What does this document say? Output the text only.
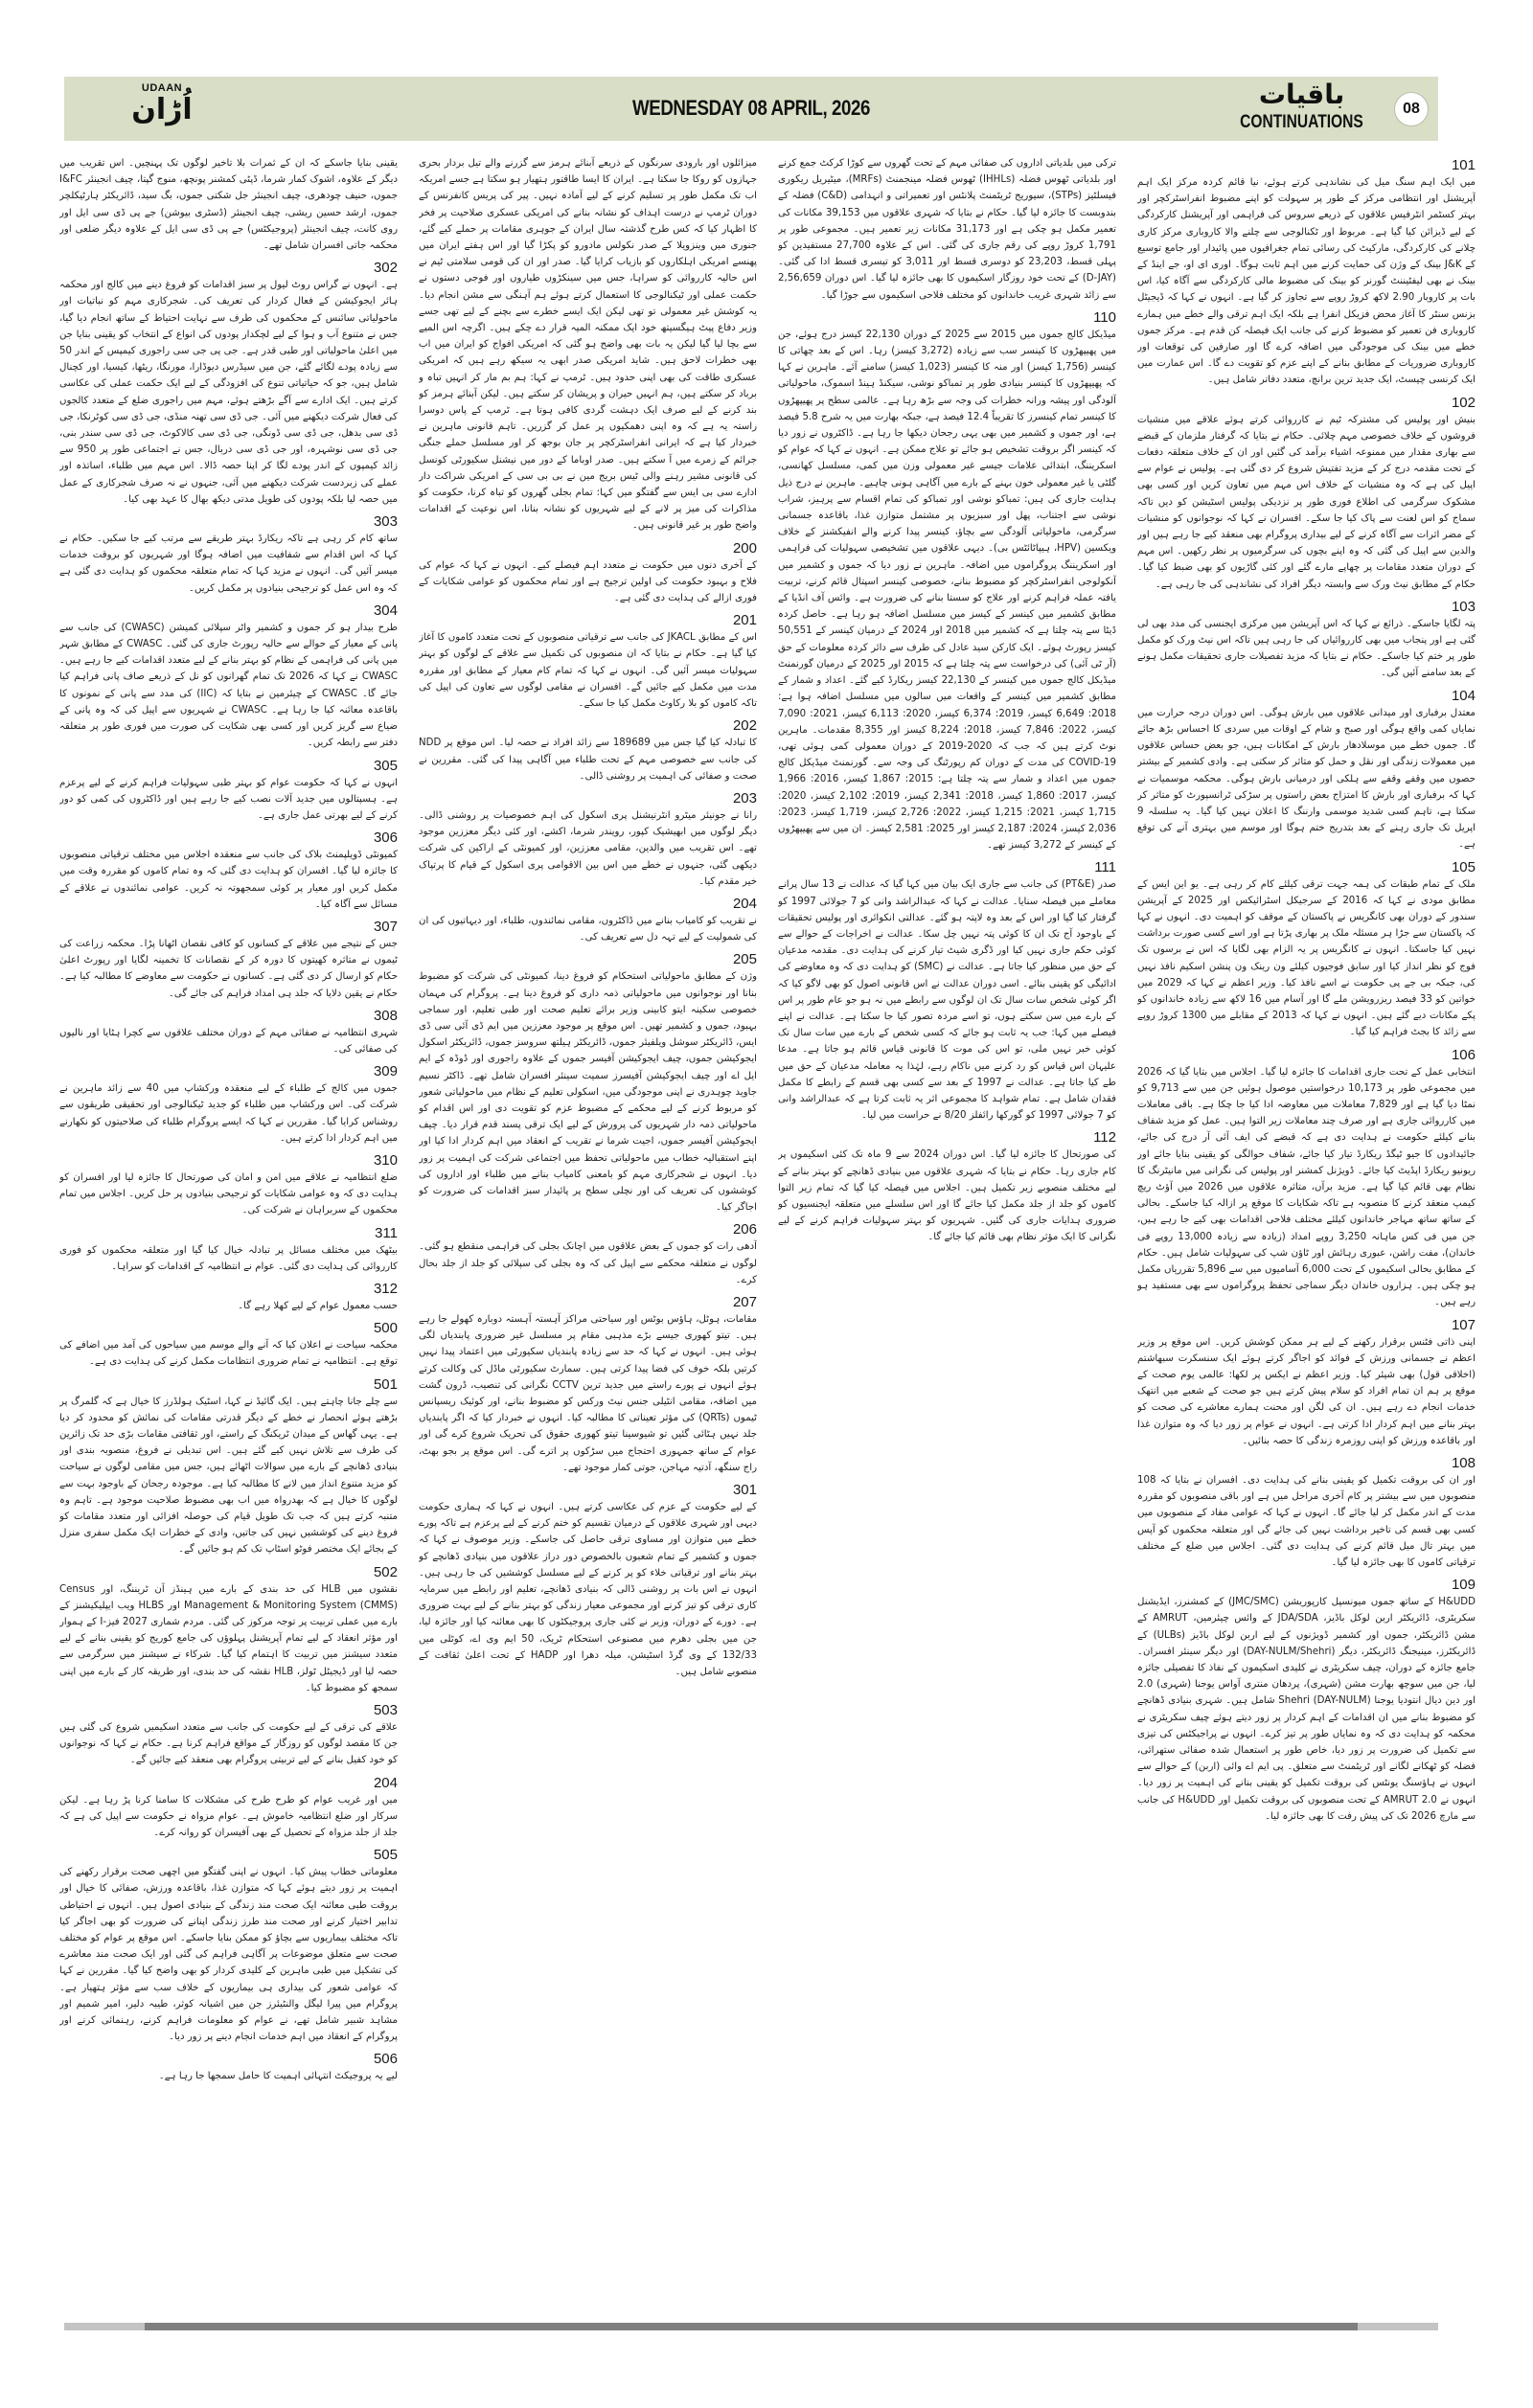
UDAAN
اُڑان	WEDNESDAY 08 APRIL, 2026	باقیات
CONTINUATIONS
08
101
میں ایک اہم سنگ میل کی نشاندہی کرتے ہوئے، نیا قائم کردہ مرکز ایک اہم آپریشنل اور انتظامی مرکز کے طور پر سہولت کو اپنے مضبوط انفراسٹرکچر اور بہتر کسٹمر انٹرفیس علاقوں کے ذریعے سروس کی فراہمی اور آپریشنل کارکردگی کے لیے ڈیزائن کیا گیا ہے۔ مربوط اور ٹکنالوجی سے چلنے والا کاروباری مرکز کاری چلانے کی کارکردگی، مارکیٹ کی رسائی تمام جغرافیوں میں پائیدار اور جامع توسیع کے J&K بینک کے وژن کی حمایت کرنے میں اہم ثابت ہوگا۔ اوری ای او، جے اینڈ کے بینک نے بھی لیفٹیننٹ گورنر کو بینک کی مضبوط مالی کارکردگی سے آگاہ کیا، اس بات پر کاروبار 2.90 لاکھ کروڑ روپے سے تجاوز کر گیا ہے۔ انہوں نے کہا کہ ڈیجیٹل بزنس سنٹر کا آغاز محض فزیکل انفرا ہے بلکہ ایک اہم ترقی والے خطے میں ہمارے کاروباری فن تعمیر کو مضبوط کرنے کی جانب ایک فیصلہ کن قدم ہے۔ مرکز جموں خطے میں بینک کی موجودگی میں اضافہ کرے گا اور صارفین کی توقعات اور کاروباری ضروریات کے مطابق بنانے کے اپنے عزم کو تقویت دے گا۔ اس عمارت میں ایک کرنسی چیسٹ، ایک جدید ترین برانچ، متعدد دفاتر شامل ہیں۔
102
بنیش اور پولیس کی مشترکہ ٹیم نے کارروائی کرتے ہوئے علاقے میں منشیات فروشوں کے خلاف خصوصی مہم چلائی۔ حکام نے بتایا کہ گرفتار ملزمان کے قبضے سے بھاری مقدار میں ممنوعہ اشیاء برآمد کی گئیں اور ان کے خلاف متعلقہ دفعات کے تحت مقدمہ درج کر کے مزید تفتیش شروع کر دی گئی ہے۔ پولیس نے عوام سے اپیل کی ہے کہ وہ منشیات کے خلاف اس مہم میں تعاون کریں اور کسی بھی مشکوک سرگرمی کی اطلاع فوری طور پر نزدیکی پولیس اسٹیشن کو دیں تاکہ سماج کو اس لعنت سے پاک کیا جا سکے۔ افسران نے کہا کہ نوجوانوں کو منشیات کے مضر اثرات سے آگاہ کرنے کے لیے بیداری پروگرام بھی منعقد کیے جا رہے ہیں اور والدین سے اپیل کی گئی کہ وہ اپنے بچوں کی سرگرمیوں پر نظر رکھیں۔ اس مہم کے دوران متعدد مقامات پر چھاپے مارے گئے اور کئی گاڑیوں کو بھی ضبط کیا گیا۔ حکام کے مطابق نیٹ ورک سے وابستہ دیگر افراد کی نشاندہی کی جا رہی ہے۔
103
پتہ لگایا جاسکے۔ ذرائع نے کہا کہ اس آپریشن میں مرکزی ایجنسی کی مدد بھی لی گئی ہے اور پنجاب میں بھی کارروائیاں کی جا رہی ہیں تاکہ اس نیٹ ورک کو مکمل طور پر ختم کیا جاسکے۔ حکام نے بتایا کہ مزید تفصیلات جاری تحقیقات مکمل ہونے کے بعد سامنے آئیں گی۔
104
معتدل برفباری اور میدانی علاقوں میں بارش ہوگی۔ اس دوران درجہ حرارت میں نمایاں کمی واقع ہوگی اور صبح و شام کے اوقات میں سردی کا احساس بڑھ جائے گا۔ جموں خطے میں موسلادھار بارش کے امکانات ہیں، جو بعض حساس علاقوں میں معمولات زندگی اور نقل و حمل کو متاثر کر سکتی ہے۔ وادی کشمیر کے بیشتر حصوں میں وقفے وقفے سے ہلکی اور درمیانی بارش ہوگی۔ محکمہ موسمیات نے کہا کہ برفباری اور بارش کا امتزاج بعض راستوں پر سڑکی ٹرانسپورٹ کو متاثر کر سکتا ہے، تاہم کسی شدید موسمی وارننگ کا اعلان نہیں کیا گیا۔ یہ سلسلہ 9 اپریل تک جاری رہنے کے بعد بتدریج ختم ہوگا اور موسم میں بہتری آنے کی توقع ہے۔
105
ملک کے تمام طبقات کی ہمہ جہت ترقی کیلئے کام کر رہی ہے۔ یو این ایس کے مطابق مودی نے کہا کہ 2016 کے سرجیکل اسٹرائیکس اور 2025 کے آپریشن سندور کے دوران بھی کانگریس نے پاکستان کے موقف کو اہمیت دی۔ انہوں نے کہا کہ پاکستان سے جڑا ہر مسئلہ ملک پر بھاری پڑتا ہے اور اسے کسی صورت برداشت نہیں کیا جاسکتا۔ انہوں نے کانگریس پر یہ الزام بھی لگایا کہ اس نے برسوں تک فوج کو نظر انداز کیا اور سابق فوجیوں کیلئے ون رینک ون پنشن اسکیم نافذ نہیں کی، جبکہ بی جے پی حکومت نے اسے نافذ کیا۔ وزیر اعظم نے کہا کہ 2029 میں خواتین کو 33 فیصد ریزرویشن ملے گا اور آسام میں 16 لاکھ سے زیادہ خاندانوں کو پکے مکانات دیے گئے ہیں۔ انہوں نے کہا کہ 2013 کے مقابلے میں 1300 کروڑ روپے سے زائد کا بجٹ فراہم کیا گیا۔
106
انتخابی عمل کے تحت جاری اقدامات کا جائزہ لیا گیا۔ اجلاس میں بتایا گیا کہ 2026 میں مجموعی طور پر 10,173 درخواستیں موصول ہوئیں جن میں سے 9,713 کو نمٹا دیا گیا ہے اور 7,829 معاملات میں معاوضہ ادا کیا جا چکا ہے۔ باقی معاملات میں کارروائی جاری ہے اور صرف چند معاملات زیر التوا ہیں۔ عمل کو مزید شفاف بنانے کیلئے حکومت نے ہدایت دی ہے کہ قبضے کی ایف آئی آر درج کی جائے، جائیدادوں کا جیو ٹیگڈ ریکارڈ تیار کیا جائے، شفاف حوالگی کو یقینی بنایا جائے اور ریونیو ریکارڈ اپڈیٹ کیا جائے۔ ڈویژنل کمشنر اور پولیس کی نگرانی میں مانیٹرنگ کا نظام بھی قائم کیا گیا ہے۔ مزید برآں، متاثرہ علاقوں میں 2026 میں آؤٹ ریچ کیمپ منعقد کرنے کا منصوبہ ہے تاکہ شکایات کا موقع پر ازالہ کیا جاسکے۔ بحالی کے ساتھ ساتھ مہاجر خاندانوں کیلئے مختلف فلاحی اقدامات بھی کیے جا رہے ہیں، جن میں فی کس ماہانہ 3,250 روپے امداد (زیادہ سے زیادہ 13,000 روپے فی خاندان)، مفت راشن، عبوری رہائش اور ٹاؤن شپ کی سہولیات شامل ہیں۔ حکام کے مطابق بحالی اسکیموں کے تحت 6,000 آسامیوں میں سے 5,896 تقرریاں مکمل ہو چکی ہیں۔ ہزاروں خاندان دیگر سماجی تحفظ پروگراموں سے بھی مستفید ہو رہے ہیں۔
107
اپنی ذاتی فٹنس برقرار رکھنے کے لیے ہر ممکن کوشش کریں۔ اس موقع پر وزیر اعظم نے جسمانی ورزش کے فوائد کو اجاگر کرتے ہوئے ایک سنسکرت سبھاشتم (اخلاقی قول) بھی شیئر کیا۔ وزیر اعظم نے ایکس پر لکھا: عالمی یوم صحت کے موقع پر ہم ان تمام افراد کو سلام پیش کرتے ہیں جو صحت کے شعبے میں انتھک خدمات انجام دے رہے ہیں۔ ان کی لگن اور محنت ہمارے معاشرے کی صحت کو بہتر بنانے میں اہم کردار ادا کرتی ہے۔ انہوں نے عوام پر زور دیا کہ وہ متوازن غذا اور باقاعدہ ورزش کو اپنی روزمرہ زندگی کا حصہ بنائیں۔
108
اور ان کی بروقت تکمیل کو یقینی بنانے کی ہدایت دی۔ افسران نے بتایا کہ 108 منصوبوں میں سے بیشتر پر کام آخری مراحل میں ہے اور باقی منصوبوں کو مقررہ مدت کے اندر مکمل کر لیا جائے گا۔ انہوں نے کہا کہ عوامی مفاد کے منصوبوں میں کسی بھی قسم کی تاخیر برداشت نہیں کی جائے گی اور متعلقہ محکموں کو آپس میں بہتر تال میل قائم کرنے کی ہدایت دی گئی۔ اجلاس میں ضلع کے مختلف ترقیاتی کاموں کا بھی جائزہ لیا گیا۔
109
H&UDD کے ساتھ جموں میونسپل کارپوریشن (JMC/SMC) کے کمشنرز، ایڈیشنل سکریٹری، ڈائریکٹر اربن لوکل باڈیز، JDA/SDA کے وائس چیئرمین، AMRUT کے مشن ڈائریکٹر، جموں اور کشمیر ڈویژنوں کے لیے اربن لوکل باڈیز (ULBs) کے ڈائریکٹرز، مینیجنگ ڈائریکٹر، دیگر (DAY-NULM/Shehri) اور دیگر سینئر افسران۔ جامع جائزہ کے دوران، چیف سکریٹری نے کلیدی اسکیموں کے نفاذ کا تفصیلی جائزہ لیا، جن میں سوچھ بھارت مشن (شہری)، پردھان منتری آواس یوجنا (شہری) 2.0 اور دین دیال انتودیا یوجنا Shehri (DAY-NULM) شامل ہیں۔ شہری بنیادی ڈھانچے کو مضبوط بنانے میں ان اقدامات کے اہم کردار پر زور دیتے ہوئے چیف سکریٹری نے محکمہ کو ہدایت دی کہ وہ نمایاں طور پر تیز کرے۔ انہوں نے پراجیکٹس کی تیزی سے تکمیل کی ضرورت پر زور دیا، خاص طور پر استعمال شدہ صفائی ستھرائی، فضلہ کو ٹھکانے لگانے اور ٹریٹمنٹ سے متعلق۔ پی ایم اے وائی (اربن) کے حوالے سے انہوں نے ہاؤسنگ یونٹس کی بروقت تکمیل کو یقینی بنانے کی اہمیت پر زور دیا۔ انہوں نے AMRUT 2.0 کے تحت منصوبوں کی بروقت تکمیل اور H&UDD کی جانب سے مارچ 2026 تک کی پیش رفت کا بھی جائزہ لیا۔
ترکی میں بلدیاتی اداروں کی صفائی مہم کے تحت گھروں سے کوڑا کرکٹ جمع کرنے اور بلدیاتی ٹھوس فضلہ (IHHLs) ٹھوس فضلہ مینجمنٹ (MRFs)، میٹیریل ریکوری فیسلٹیز (STPs)، سیوریج ٹریٹمنٹ پلانٹس اور تعمیراتی و انہدامی (C&D) فضلہ کے بندوبست کا جائزہ لیا گیا۔ حکام نے بتایا کہ شہری علاقوں میں 39,153 مکانات کی تعمیر مکمل ہو چکی ہے اور 31,173 مکانات زیر تعمیر ہیں۔ مجموعی طور پر 1,791 کروڑ روپے کی رقم جاری کی گئی۔ اس کے علاوہ 27,700 مستفیدین کو پہلی قسط، 23,203 کو دوسری قسط اور 3,011 کو تیسری قسط ادا کی گئی۔ (D-JAY) کے تحت خود روزگار اسکیموں کا بھی جائزہ لیا گیا۔ اس دوران 2,56,659 سے زائد شہری غریب خاندانوں کو مختلف فلاحی اسکیموں سے جوڑا گیا۔
110
میڈیکل کالج جموں میں 2015 سے 2025 کے دوران 22,130 کیسز درج ہوئے، جن میں پھیپھڑوں کا کینسر سب سے زیادہ (3,272 کیسز) رہا۔ اس کے بعد چھاتی کا کینسر (1,756 کیسز) اور منہ کا کینسر (1,023 کیسز) سامنے آئے۔ ماہرین نے کہا کہ پھیپھڑوں کا کینسر بنیادی طور پر تمباکو نوشی، سیکنڈ ہینڈ اسموک، ماحولیاتی آلودگی اور پیشہ ورانہ خطرات کی وجہ سے بڑھ رہا ہے۔ عالمی سطح پر پھیپھڑوں کا کینسر تمام کینسرز کا تقریباً 12.4 فیصد ہے، جبکہ بھارت میں یہ شرح 5.8 فیصد ہے، اور جموں و کشمیر میں بھی یہی رجحان دیکھا جا رہا ہے۔ ڈاکٹروں نے زور دیا کہ کینسر اگر بروقت تشخیص ہو جائے تو علاج ممکن ہے۔ انہوں نے کہا کہ عوام کو اسکریننگ، ابتدائی علامات جیسے غیر معمولی وزن میں کمی، مسلسل کھانسی، گلٹی یا غیر معمولی خون بہنے کے بارے میں آگاہی ہونی چاہیے۔ ماہرین نے درج ذیل ہدایت جاری کی ہیں: تمباکو نوشی اور تمباکو کی تمام اقسام سے پرہیز، شراب نوشی سے اجتناب، پھل اور سبزیوں پر مشتمل متوازن غذا، باقاعدہ جسمانی سرگرمی، ماحولیاتی آلودگی سے بچاؤ، کینسر پیدا کرنے والے انفیکشنز کے خلاف ویکسین (HPV، ہیپاٹائٹس بی)۔ دیہی علاقوں میں تشخیصی سہولیات کی فراہمی اور اسکریننگ پروگراموں میں اضافہ۔ ماہرین نے زور دیا کہ جموں و کشمیر میں آنکولوجی انفراسٹرکچر کو مضبوط بنانے، خصوصی کینسر اسپتال قائم کرنے، تربیت یافتہ عملہ فراہم کرنے اور علاج کو سستا بنانے کی ضرورت ہے۔ وائس آف انڈیا کے مطابق کشمیر میں کینسر کے کیسز میں مسلسل اضافہ ہو رہا ہے۔ حاصل کردہ ڈیٹا سے پتہ چلتا ہے کہ کشمیر میں 2018 اور 2024 کے درمیان کینسر کے 50,551 کیسز رپورٹ ہوئے۔ ایک کارکن سید عادل کی طرف سے دائر کردہ معلومات کے حق (آر ٹی آئی) کی درخواست سے پتہ چلتا ہے کہ 2015 اور 2025 کے درمیان گورنمنٹ میڈیکل کالج جموں میں کینسر کے 22,130 کیسز ریکارڈ کیے گئے۔ اعداد و شمار کے مطابق کشمیر میں کینسر کے واقعات میں سالوں میں مسلسل اضافہ ہوا ہے: 2018: 6,649 کیسز، 2019: 6,374 کیسز، 2020: 6,113 کیسز، 2021: 7,090 کیسز، 2022: 7,846 کیسز، 2018: 8,224 کیسز اور 8,355 مقدمات۔ ماہرین نوٹ کرتے ہیں کہ جب کہ 2020-2019 کے دوران معمولی کمی ہوئی تھی، COVID-19 کی مدت کے دوران کم رپورٹنگ کی وجہ سے۔ گورنمنٹ میڈیکل کالج جموں میں اعداد و شمار سے پتہ چلتا ہے: 2015: 1,867 کیسز، 2016: 1,966 کیسز، 2017: 1,860 کیسز، 2018: 2,341 کیسز، 2019: 2,102 کیسز، 2020: 1,715 کیسز، 2021: 1,215 کیسز، 2022: 2,726 کیسز، 1,719 کیسز، 2023: 2,036 کیسز، 2024: 2,187 کیسز اور 2025: 2,581 کیسز۔ ان میں سے پھیپھڑوں کے کینسر کے 3,272 کیسز تھے۔
111
صدر (PT&E) کی جانب سے جاری ایک بیان میں کہا گیا کہ عدالت نے 13 سال پرانے معاملے میں فیصلہ سنایا۔ عدالت نے کہا کہ عبدالراشد وانی کو 7 جولائی 1997 کو گرفتار کیا گیا اور اس کے بعد وہ لاپتہ ہو گئے۔ عدالتی انکوائری اور پولیس تحقیقات کے باوجود آج تک ان کا کوئی پتہ نہیں چل سکا۔ عدالت نے اخراجات کے حوالے سے کوئی حکم جاری نہیں کیا اور ڈگری شیٹ تیار کرنے کی ہدایت دی۔ مقدمہ مدعیان کے حق میں منظور کیا جاتا ہے۔ عدالت نے (SMC) کو ہدایت دی کہ وہ معاوضے کی ادائیگی کو یقینی بنائے۔ اسی دوران عدالت نے اس قانونی اصول کو بھی لاگو کیا کہ اگر کوئی شخص سات سال تک ان لوگوں سے رابطے میں نہ ہو جو عام طور پر اس کے بارے میں سن سکتے ہوں، تو اسے مردہ تصور کیا جا سکتا ہے۔ عدالت نے اپنے فیصلے میں کہا: جب یہ ثابت ہو جائے کہ کسی شخص کے بارے میں سات سال تک کوئی خبر نہیں ملی، تو اس کی موت کا قانونی قیاس قائم ہو جاتا ہے۔ مدعا علیہان اس قیاس کو رد کرنے میں ناکام رہے، لہٰذا یہ معاملہ مدعیان کے حق میں طے کیا جاتا ہے۔ عدالت نے 1997 کے بعد سے کسی بھی قسم کے رابطے کا مکمل فقدان شامل ہے۔ تمام شواہد کا مجموعی اثر یہ ثابت کرتا ہے کہ عبدالراشد وانی کو 7 جولائی 1997 کو گورکھا رائفلز 8/20 نے حراست میں لیا۔
112
کی صورتحال کا جائزہ لیا گیا۔ اس دوران 2024 سے 9 ماہ تک کئی اسکیموں پر کام جاری رہا۔ حکام نے بتایا کہ شہری علاقوں میں بنیادی ڈھانچے کو بہتر بنانے کے لیے مختلف منصوبے زیر تکمیل ہیں۔ اجلاس میں فیصلہ کیا گیا کہ تمام زیر التوا کاموں کو جلد از جلد مکمل کیا جائے گا اور اس سلسلے میں متعلقہ ایجنسیوں کو ضروری ہدایات جاری کی گئیں۔ شہریوں کو بہتر سہولیات فراہم کرنے کے لیے نگرانی کا ایک مؤثر نظام بھی قائم کیا جائے گا۔
میزائلوں اور بارودی سرنگوں کے ذریعے آبنائے ہرمز سے گزرنے والے تیل بردار بحری جہازوں کو روکا جا سکتا ہے۔ ایران کا ایسا طاقتور ہتھیار ہو سکتا ہے جسے امریکہ اب تک مکمل طور پر تسلیم کرنے کے لیے آمادہ نہیں۔ پیر کی پریس کانفرنس کے دوران ٹرمپ نے درست اہداف کو نشانہ بنانے کی امریکی عسکری صلاحیت پر فخر کا اظہار کیا کہ کس طرح گذشتہ سال ایران کے جوہری مقامات پر حملے کیے گئے، جنوری میں وینزویلا کے صدر نکولس مادورو کو پکڑا گیا اور اس ہفتے ایران میں پھنسے امریکی اہلکاروں کو بازیاب کرایا گیا۔ صدر اور ان کی قومی سلامتی ٹیم نے اس حالیہ کارروائی کو سراہا، جس میں سینکڑوں طیاروں اور فوجی دستوں نے حکمت عملی اور ٹیکنالوجی کا استعمال کرتے ہوئے ہم آہنگی سے مشن انجام دیا۔ یہ کوشش غیر معمولی تو تھی لیکن ایک ایسے خطرے سے بچنے کے لیے تھی جسے وزیر دفاع پیٹ ہیگسیتھ خود ایک ممکنہ المیہ قرار دے چکے ہیں۔ اگرچہ اس المیے سے بچا لیا گیا لیکن یہ بات بھی واضح ہو گئی کہ امریکی افواج کو ایران میں اب بھی خطرات لاحق ہیں۔ شاید امریکی صدر ابھی یہ سیکھ رہے ہیں کہ امریکی عسکری طاقت کی بھی اپنی حدود ہیں۔ ٹرمپ نے کہا: ہم بم مار کر انہیں تباہ و برباد کر سکتے ہیں، ہم انہیں حیران و پریشان کر سکتے ہیں۔ لیکن آبنائے ہرمز کو بند کرنے کے لیے صرف ایک دہشت گردی کافی ہوتا ہے۔ ٹرمپ کے پاس دوسرا راستہ یہ ہے کہ وہ اپنی دھمکیوں پر عمل کر گزریں۔ تاہم قانونی ماہرین نے خبردار کیا ہے کہ ایرانی انفراسٹرکچر پر جان بوجھ کر اور مسلسل حملے جنگی جرائم کے زمرے میں آ سکتے ہیں۔ صدر اوباما کے دور میں نیشنل سکیورٹی کونسل کی قانونی مشیر رہنے والی ٹیس بریج مین نے بی بی سی کے امریکی شراکت دار ادارے سی بی ایس سے گفتگو میں کہا: تمام بجلی گھروں کو تباہ کرنا، حکومت کو مذاکرات کی میز پر لانے کے لیے شہریوں کو نشانہ بنانا، اس نوعیت کے اقدامات واضح طور پر غیر قانونی ہیں۔
200
کے آخری دنوں میں حکومت نے متعدد اہم فیصلے کیے۔ انہوں نے کہا کہ عوام کی فلاح و بہبود حکومت کی اولین ترجیح ہے اور تمام محکموں کو عوامی شکایات کے فوری ازالے کی ہدایت دی گئی ہے۔
201
اس کے مطابق JKACL کی جانب سے ترقیاتی منصوبوں کے تحت متعدد کاموں کا آغاز کیا گیا ہے۔ حکام نے بتایا کہ ان منصوبوں کی تکمیل سے علاقے کے لوگوں کو بہتر سہولیات میسر آئیں گی۔ انہوں نے کہا کہ تمام کام معیار کے مطابق اور مقررہ مدت میں مکمل کیے جائیں گے۔ افسران نے مقامی لوگوں سے تعاون کی اپیل کی تاکہ کاموں کو بلا رکاوٹ مکمل کیا جا سکے۔
202
کا تبادلہ کیا گیا جس میں 189689 سے زائد افراد نے حصہ لیا۔ اس موقع پر NDD کی جانب سے خصوصی مہم کے تحت طلباء میں آگاہی پیدا کی گئی۔ مقررین نے صحت و صفائی کی اہمیت پر روشنی ڈالی۔
203
رانا نے جونیئر میٹرو انٹرنیشنل پری اسکول کی اہم خصوصیات پر روشنی ڈالی۔ دیگر لوگوں میں ابھیشیک کپور، رویندر شرما، اکشے، اور کئی دیگر معززین موجود تھے۔ اس تقریب میں والدین، مقامی معززین، اور کمیونٹی کے اراکین کی شرکت دیکھی گئی، جنہوں نے خطے میں اس بین الاقوامی پری اسکول کے قیام کا پرتپاک خیر مقدم کیا۔
204
نے تقریب کو کامیاب بنانے میں ڈاکٹروں، مقامی نمائندوں، طلباء، اور دیہاتیوں کی ان کی شمولیت کے لیے تہہ دل سے تعریف کی۔
205
وژن کے مطابق ماحولیاتی استحکام کو فروغ دینا، کمیونٹی کی شرکت کو مضبوط بنانا اور نوجوانوں میں ماحولیاتی ذمہ داری کو فروغ دینا ہے۔ پروگرام کی مہمان خصوصی سکینہ ایتو کابینی وزیر برائے تعلیم صحت اور طبی تعلیم، اور سماجی بہبود، جموں و کشمیر تھیں۔ اس موقع پر موجود معززین میں ایم ڈی آئی سی ڈی ایس، ڈائریکٹر سوشل ویلفیئر جموں، ڈائریکٹر ہیلتھ سروسز جموں، ڈائریکٹر اسکول ایجوکیشن جموں، چیف ایجوکیشن آفیسر جموں کے علاوہ راجوری اور ڈوڈہ کے ایم ایل اے اور چیف ایجوکیشن آفیسرز سمیت سینئر افسران شامل تھے۔ ڈاکٹر نسیم جاوید چوہدری نے اپنی موجودگی میں، اسکولی تعلیم کے نظام میں ماحولیاتی شعور کو مربوط کرنے کے لیے محکمے کے مضبوط عزم کو تقویت دی اور اس اقدام کو ماحولیاتی ذمہ دار شہریوں کی پرورش کے لیے ایک ترقی پسند قدم قرار دیا۔ چیف ایجوکیشن آفیسر جموں، اجیت شرما نے تقریب کے انعقاد میں اہم کردار ادا کیا اور اپنے استقبالیہ خطاب میں ماحولیاتی تحفظ میں اجتماعی شرکت کی اہمیت پر زور دیا۔ انہوں نے شجرکاری مہم کو بامعنی کامیاب بنانے میں طلباء اور اداروں کی کوششوں کی تعریف کی اور نچلی سطح پر پائیدار سبز اقدامات کی ضرورت کو اجاگر کیا۔
206
آدھی رات کو جموں کے بعض علاقوں میں اچانک بجلی کی فراہمی منقطع ہو گئی۔ لوگوں نے متعلقہ محکمے سے اپیل کی کہ وہ بجلی کی سپلائی کو جلد از جلد بحال کرے۔
207
مقامات، ہوٹل، ہاؤس بوٹس اور سیاحتی مراکز آہستہ آہستہ دوبارہ کھولے جا رہے ہیں۔ تیتو کھوری جیسے بڑے مذہبی مقام پر مسلسل غیر ضروری پابندیاں لگی ہوئی ہیں۔ انہوں نے کہا کہ حد سے زیادہ پابندیاں سکیورٹی میں اعتماد پیدا نہیں کرتیں بلکہ خوف کی فضا پیدا کرتی ہیں۔ سمارٹ سکیورٹی ماڈل کی وکالت کرتے ہوئے انہوں نے پورے راستے میں جدید ترین CCTV نگرانی کی تنصیب، ڈرون گشت میں اضافہ، مقامی انٹیلی جنس نیٹ ورکس کو مضبوط بنانے، اور کوئیک ریسپانس ٹیموں (QRTs) کی مؤثر تعیناتی کا مطالبہ کیا۔ انہوں نے خبردار کیا کہ اگر پابندیاں جلد نہیں ہٹائی گئیں تو شیوسینا تیتو کھوری حقوق کی تحریک شروع کرے گی اور عوام کے ساتھ جمہوری احتجاج میں سڑکوں پر اترے گی۔ اس موقع پر بجو بھٹ، راج سنگھ، آدتیہ مہاجن، جوتی کمار موجود تھے۔
301
کے لیے حکومت کے عزم کی عکاسی کرتے ہیں۔ انہوں نے کہا کہ ہماری حکومت دیہی اور شہری علاقوں کے درمیان تقسیم کو ختم کرنے کے لیے پرعزم ہے تاکہ پورے خطے میں متوازن اور مساوی ترقی حاصل کی جاسکے۔ وزیر موصوف نے کہا کہ جموں و کشمیر کے تمام شعبوں بالخصوص دور دراز علاقوں میں بنیادی ڈھانچے کو بہتر بنانے اور ترقیاتی خلاء کو پر کرنے کے لیے مسلسل کوششیں کی جا رہی ہیں۔ انہوں نے اس بات پر روشنی ڈالی کہ بنیادی ڈھانچے، تعلیم اور رابطے میں سرمایہ کاری ترقی کو تیز کرنے اور مجموعی معیار زندگی کو بہتر بنانے کے لیے بہت ضروری ہے۔ دورے کے دوران، وزیر نے کئی جاری پروجیکٹوں کا بھی معائنہ کیا اور جائزہ لیا، جن میں بجلی دھرم میں مصنوعی استحکام ٹریک، 50 ایم وی اے، کوٹلی میں 132/33 کے وی گرڈ اسٹیشن، میلہ دھرا اور HADP کے تحت اعلیٰ ثقافت کے منصوبے شامل ہیں۔
یقینی بنایا جاسکے کہ ان کے ثمرات بلا تاخیر لوگوں تک پہنچیں۔ اس تقریب میں دیگر کے علاوہ، اشوک کمار شرما، ڈپٹی کمشنر پونچھ، منوج گپتا، چیف انجینئر I&FC جموں، حنیف چودھری، چیف انجینئر جل شکتی جموں، بگ سید، ڈائریکٹر ہارٹیکلچر جموں، ارشد حسین ریشی، چیف انجینئر (ڈسٹری بیوشن) جے پی ڈی سی ایل اور روی کانت، چیف انجینئر (پروجیکٹس) جے پی ڈی سی ایل کے علاوہ دیگر ضلعی اور محکمہ جاتی افسران شامل تھے۔
302
ہے۔ انہوں نے گراس روٹ لیول پر سبز اقدامات کو فروغ دینے میں کالج اور محکمہ ہائر ایجوکیشن کے فعال کردار کی تعریف کی۔ شجرکاری مہم کو نباتیات اور ماحولیاتی سائنس کے محکموں کی طرف سے نہایت احتیاط کے ساتھ انجام دیا گیا، جس نے متنوع آب و ہوا کے لیے لچکدار پودوں کی انواع کے انتخاب کو یقینی بنایا جن میں اعلیٰ ماحولیاتی اور طبی قدر ہے۔ جی پی جی سی راجوری کیمپس کے اندر 50 سے زیادہ پودے لگائے گئے، جن میں سیڈرس دیوڈارا، مورنگا، ریٹھا، کیسیا، اور کچنال شامل ہیں، جو کہ حیاتیاتی تنوع کی افزودگی کے لیے ایک حکمت عملی کی عکاسی کرتے ہیں۔ ایک ادارے سے آگے بڑھتے ہوئے، مہم میں راجوری ضلع کے متعدد کالجوں کی فعال شرکت دیکھنے میں آئی۔ جی ڈی سی تھنہ منڈی، جی ڈی سی کوٹرنکا، جی ڈی سی بدھل، جی ڈی سی ڈونگی، جی ڈی سی کالاکوٹ، جی ڈی سی سندر بنی، جی ڈی سی نوشہرہ، اور جی ڈی سی دربال، جس نے اجتماعی طور پر 950 سے زائد کیمپوں کے اندر پودے لگا کر اپنا حصہ ڈالا۔ اس مہم میں طلباء، اساتذہ اور عملے کی زبردست شرکت دیکھنے میں آئی، جنہوں نے نہ صرف شجرکاری کے عمل میں حصہ لیا بلکہ پودوں کی طویل مدتی دیکھ بھال کا عہد بھی کیا۔
303
ساتھ کام کر رہی ہے تاکہ ریکارڈ بہتر طریقے سے مرتب کیے جا سکیں۔ حکام نے کہا کہ اس اقدام سے شفافیت میں اضافہ ہوگا اور شہریوں کو بروقت خدمات میسر آئیں گی۔ انہوں نے مزید کہا کہ تمام متعلقہ محکموں کو ہدایت دی گئی ہے کہ وہ اس عمل کو ترجیحی بنیادوں پر مکمل کریں۔
304
طرح بیدار ہو کر جموں و کشمیر واٹر سپلائی کمیشن (CWASC) کی جانب سے پانی کے معیار کے حوالے سے حالیہ رپورٹ جاری کی گئی۔ CWASC کے مطابق شہر میں پانی کی فراہمی کے نظام کو بہتر بنانے کے لیے متعدد اقدامات کیے جا رہے ہیں۔ CWASC نے کہا کہ 2026 تک تمام گھرانوں کو نل کے ذریعے صاف پانی فراہم کیا جائے گا۔ CWASC کے چیئرمین نے بتایا کہ (IIC) کی مدد سے پانی کے نمونوں کا باقاعدہ معائنہ کیا جا رہا ہے۔ CWASC نے شہریوں سے اپیل کی کہ وہ پانی کے ضیاع سے گریز کریں اور کسی بھی شکایت کی صورت میں فوری طور پر متعلقہ دفتر سے رابطہ کریں۔
305
انہوں نے کہا کہ حکومت عوام کو بہتر طبی سہولیات فراہم کرنے کے لیے پرعزم ہے۔ ہسپتالوں میں جدید آلات نصب کیے جا رہے ہیں اور ڈاکٹروں کی کمی کو دور کرنے کے لیے بھرتی عمل جاری ہے۔
306
کمیونٹی ڈویلپمنٹ بلاک کی جانب سے منعقدہ اجلاس میں مختلف ترقیاتی منصوبوں کا جائزہ لیا گیا۔ افسران کو ہدایت دی گئی کہ وہ تمام کاموں کو مقررہ وقت میں مکمل کریں اور معیار پر کوئی سمجھوتہ نہ کریں۔ عوامی نمائندوں نے علاقے کے مسائل سے آگاہ کیا۔
307
جس کے نتیجے میں علاقے کے کسانوں کو کافی نقصان اٹھانا پڑا۔ محکمہ زراعت کی ٹیموں نے متاثرہ کھیتوں کا دورہ کر کے نقصانات کا تخمینہ لگایا اور رپورٹ اعلیٰ حکام کو ارسال کر دی گئی ہے۔ کسانوں نے حکومت سے معاوضے کا مطالبہ کیا ہے۔ حکام نے یقین دلایا کہ جلد ہی امداد فراہم کی جائے گی۔
308
شہری انتظامیہ نے صفائی مہم کے دوران مختلف علاقوں سے کچرا ہٹایا اور نالیوں کی صفائی کی۔
309
جموں میں کالج کے طلباء کے لیے منعقدہ ورکشاپ میں 40 سے زائد ماہرین نے شرکت کی۔ اس ورکشاپ میں طلباء کو جدید ٹیکنالوجی اور تحقیقی طریقوں سے روشناس کرایا گیا۔ مقررین نے کہا کہ ایسے پروگرام طلباء کی صلاحیتوں کو نکھارنے میں اہم کردار ادا کرتے ہیں۔
310
ضلع انتظامیہ نے علاقے میں امن و امان کی صورتحال کا جائزہ لیا اور افسران کو ہدایت دی کہ وہ عوامی شکایات کو ترجیحی بنیادوں پر حل کریں۔ اجلاس میں تمام محکموں کے سربراہان نے شرکت کی۔
311
بیٹھک میں مختلف مسائل پر تبادلہ خیال کیا گیا اور متعلقہ محکموں کو فوری کارروائی کی ہدایت دی گئی۔ عوام نے انتظامیہ کے اقدامات کو سراہا۔
312
حسب معمول عوام کے لیے کھلا رہے گا۔
500
محکمہ سیاحت نے اعلان کیا کہ آنے والے موسم میں سیاحوں کی آمد میں اضافے کی توقع ہے۔ انتظامیہ نے تمام ضروری انتظامات مکمل کرنے کی ہدایت دی ہے۔
501
سے چلے جانا چاہتے ہیں۔ ایک گائیڈ نے کہا، اسٹیک ہولڈرز کا خیال ہے کہ گلمرگ پر بڑھتے ہوئے انحصار نے خطے کے دیگر قدرتی مقامات کی نمائش کو محدود کر دیا ہے۔ یہی گھاس کے میدان ٹریکنگ کے راستے، اور ثقافتی مقامات بڑی حد تک زائرین کی طرف سے تلاش نہیں کیے گئے ہیں۔ اس تبدیلی نے فروغ، منصوبہ بندی اور بنیادی ڈھانچے کے بارے میں سوالات اٹھائے ہیں، جس میں مقامی لوگوں نے سیاحت کو مزید متنوع انداز میں لانے کا مطالبہ کیا ہے۔ موجودہ رجحان کے باوجود بہت سے لوگوں کا خیال ہے کہ بھدرواہ میں اب بھی مضبوط صلاحیت موجود ہے۔ تاہم وہ متنبہ کرتے ہیں کہ جب تک طویل قیام کی حوصلہ افزائی اور متعدد مقامات کو فروغ دینے کی کوششیں نہیں کی جاتیں، وادی کے خطرات ایک مکمل سفری منزل کے بجائے ایک مختصر فوٹو اسٹاپ تک کم ہو جائیں گے۔
502
نقشوں میں HLB کی حد بندی کے بارے میں ہینڈز آن ٹریننگ، اور Census Management & Monitoring System (CMMS) اور HLBS ویب ایپلیکیشنز کے بارے میں عملی تربیت پر توجہ مرکوز کی گئی۔ مردم شماری 2027 فیز-I کے ہموار اور مؤثر انعقاد کے لیے تمام آپریشنل پہلوؤں کی جامع کوریج کو یقینی بنانے کے لیے متعدد سیشنز میں تربیت کا اہتمام کیا گیا۔ شرکاء نے سیشنز میں سرگرمی سے حصہ لیا اور ڈیجیٹل ٹولز، HLB نقشہ کی حد بندی، اور طریقہ کار کے بارے میں اپنی سمجھ کو مضبوط کیا۔
503
علاقے کی ترقی کے لیے حکومت کی جانب سے متعدد اسکیمیں شروع کی گئی ہیں جن کا مقصد لوگوں کو روزگار کے مواقع فراہم کرنا ہے۔ حکام نے کہا کہ نوجوانوں کو خود کفیل بنانے کے لیے تربیتی پروگرام بھی منعقد کیے جائیں گے۔
204
میں اور غریب عوام کو طرح طرح کی مشکلات کا سامنا کرنا پڑ رہا ہے۔ لیکن سرکار اور ضلع انتظامیہ خاموش ہے۔ عوام مزواہ نے حکومت سے اپیل کی ہے کہ جلد از جلد مزواہ کے تحصیل کے بھی آفیسران کو روانہ کرے۔
505
معلوماتی خطاب پیش کیا۔ انہوں نے اپنی گفتگو میں اچھی صحت برقرار رکھنے کی اہمیت پر زور دیتے ہوئے کہا کہ متوازن غذا، باقاعدہ ورزش، صفائی کا خیال اور بروقت طبی معائنہ ایک صحت مند زندگی کے بنیادی اصول ہیں۔ انہوں نے احتیاطی تدابیر اختیار کرنے اور صحت مند طرز زندگی اپنانے کی ضرورت کو بھی اجاگر کیا تاکہ مختلف بیماریوں سے بچاؤ کو ممکن بنایا جاسکے۔ اس موقع پر عوام کو مختلف صحت سے متعلق موضوعات پر آگاہی فراہم کی گئی اور ایک صحت مند معاشرے کی تشکیل میں طبی ماہرین کے کلیدی کردار کو بھی واضح کیا گیا۔ مقررین نے کہا کہ عوامی شعور کی بیداری ہی بیماریوں کے خلاف سب سے مؤثر ہتھیار ہے۔ پروگرام میں پیرا لیگل والنٹیئرز جن میں اشیانہ کوثر، طیبہ دلیر، امیر شمیم اور مشاہد شبیر شامل تھے، نے عوام کو معلومات فراہم کرنے، رہنمائی کرنے اور پروگرام کے انعقاد میں اہم خدمات انجام دینے پر زور دیا۔
506
لیے یہ پروجیکٹ انتہائی اہمیت کا حامل سمجھا جا رہا ہے۔
